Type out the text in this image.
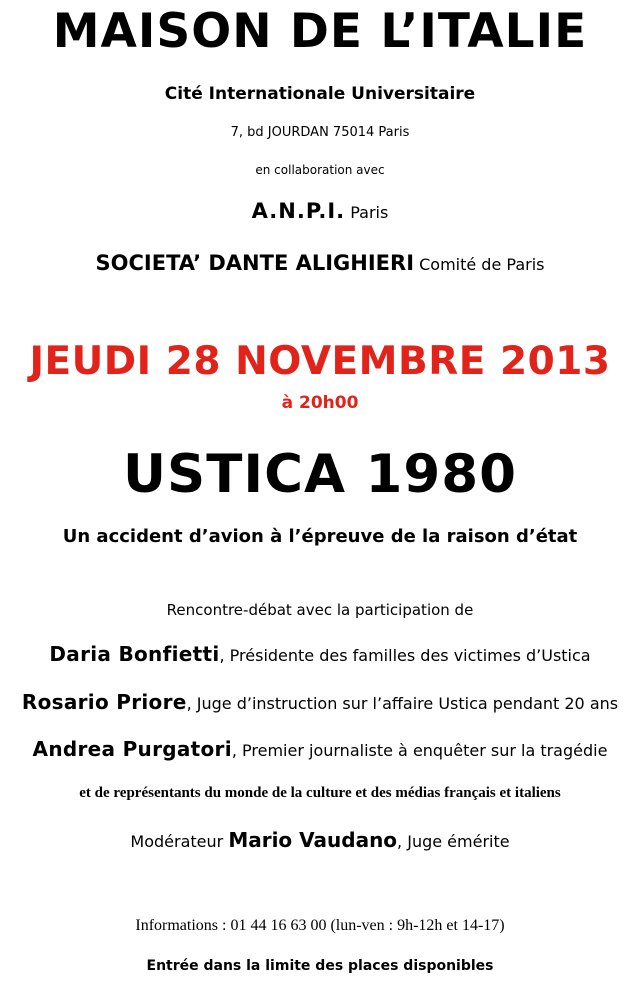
MAISON DE L’ITALIE
Cité Internationale Universitaire
7, bd JOURDAN 75014 Paris
en collaboration avec
A.N.P.I. Paris
SOCIETA’ DANTE ALIGHIERI Comité de Paris
JEUDI 28 NOVEMBRE 2013
à 20h00
USTICA 1980
Un accident d’avion à l’épreuve de la raison d’état
Rencontre-débat avec la participation de
Daria Bonfietti, Présidente des familles des victimes d’Ustica
Rosario Priore, Juge d’instruction sur l’affaire Ustica pendant 20 ans
Andrea Purgatori, Premier journaliste à enquêter sur la tragédie
et de représentants du monde de la culture et des médias français et italiens
Modérateur Mario Vaudano, Juge émérite
Informations : 01 44 16 63 00 (lun-ven : 9h-12h et 14-17)
Entrée dans la limite des places disponibles
